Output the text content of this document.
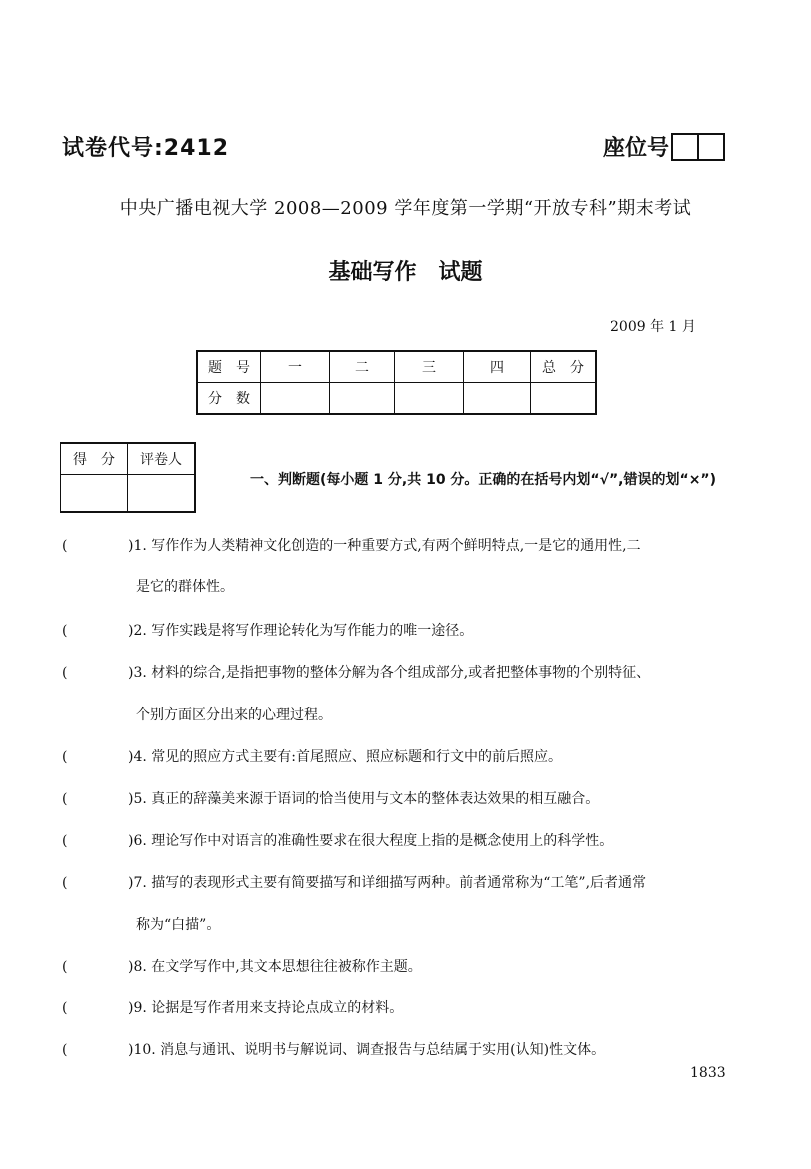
试卷代号:2412	座位号
中央广播电视大学 2008—2009 学年度第一学期“开放专科”期末考试
基础写作　试题
2009 年 1 月
题　号	一	二	三	四	总　分
分　数					
得　分	评卷人

一、判断题(每小题 1 分,共 10 分。正确的在括号内划“√”,错误的划“×”)
(　　)1. 写作作为人类精神文化创造的一种重要方式,有两个鲜明特点,一是它的通用性,二
是它的群体性。
(　　)2. 写作实践是将写作理论转化为写作能力的唯一途径。
(　　)3. 材料的综合,是指把事物的整体分解为各个组成部分,或者把整体事物的个别特征、
个别方面区分出来的心理过程。
(　　)4. 常见的照应方式主要有:首尾照应、照应标题和行文中的前后照应。
(　　)5. 真正的辞藻美来源于语词的恰当使用与文本的整体表达效果的相互融合。
(　　)6. 理论写作中对语言的准确性要求在很大程度上指的是概念使用上的科学性。
(　　)7. 描写的表现形式主要有简要描写和详细描写两种。前者通常称为“工笔”,后者通常
称为“白描”。
(　　)8. 在文学写作中,其文本思想往往被称作主题。
(　　)9. 论据是写作者用来支持论点成立的材料。
(　　)10. 消息与通讯、说明书与解说词、调查报告与总结属于实用(认知)性文体。
1833
